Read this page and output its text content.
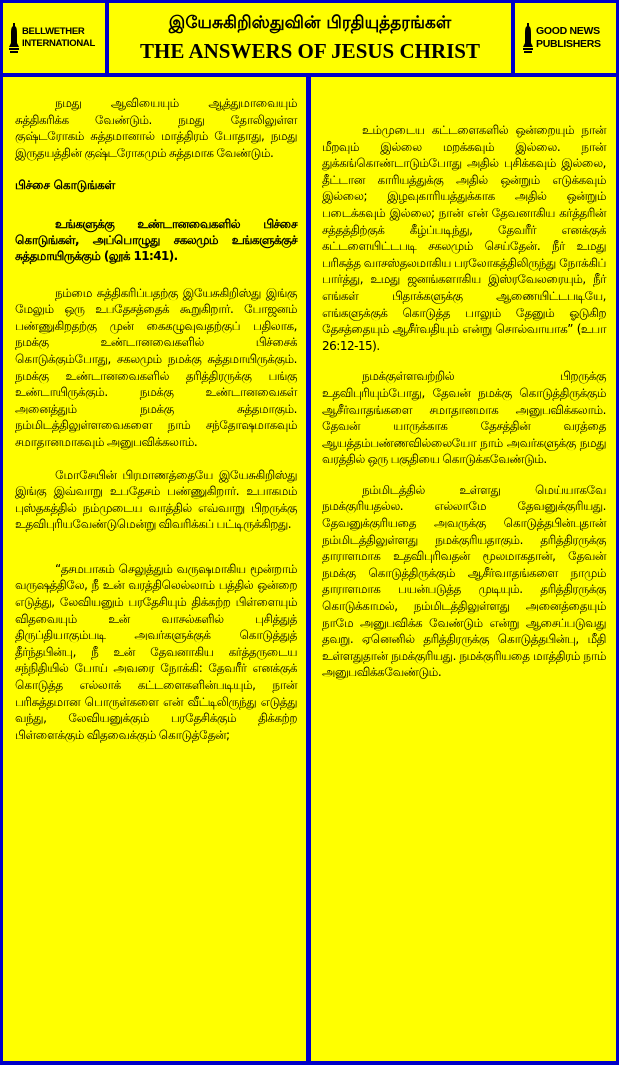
BELLWETHER
INTERNATIONAL
இயேசுகிறிஸ்துவின் பிரதியுத்தரங்கள்
THE ANSWERS OF JESUS CHRIST
GOOD NEWS
PUBLISHERS

நமது ஆவியையும் ஆத்துமாவையும் சுத்திகரிக்க வேண்டும். நமது தோலிலுள்ள குஷ்டரோகம் சுத்தமானால் மாத்திரம் போதாது, நமது இருதயத்தின் குஷ்டரோகமும் சுத்தமாக வேண்டும்.

பிச்சை கொடுங்கள்

உங்களுக்கு உண்டானவைகளில் பிச்சை கொடுங்கள், அப்பொழுது சகலமும் உங்களுக்குச் சுத்தமாயிருக்கும் (லூக் 11:41).

நம்மை சுத்திகரிப்பதற்கு இயேசுகிறிஸ்து இங்கு மேலும் ஒரு உபதேசத்தைக் கூறுகிறார். போஜனம் பண்ணுகிறதற்கு முன் கைகழுவுவதற்குப் பதிலாக, நமக்கு உண்டானவைகளில் பிச்சைக் கொடுக்கும்போது, சகலமும் நமக்கு சுத்தமாயிருக்கும். நமக்கு உண்டானவைகளில் தரித்திரருக்கு பங்கு உண்டாயிருக்கும். நமக்கு உண்டானவைகள் அனைத்தும் நமக்கு சுத்தமாகும். நம்மிடத்திலுள்ளவைகளை நாம் சந்தோஷமாகவும் சமாதானமாகவும் அனுபவிக்கலாம்.

மோசேயின் பிரமாணத்தையே இயேசுகிறிஸ்து இங்கு இவ்வாறு உபதேசம் பண்ணுகிறார். உபாகமம் புஸ்தகத்தில் நம்முடைய வாத்தில் எவ்வாறு பிறருக்கு உதவிபுரியவேண்டுமென்று விவரிக்கப் பட்டிருக்கிறது.

“தசமபாகம் செலுத்தும் வருஷமாகிய மூன்றாம் வருஷத்திலே, நீ உன் வரத்திலெல்லாம் பத்தில் ஒன்றை எடுத்து, லேவியனும் பரதேசியும் திக்கற்ற பிள்ளையும் விதவையும் உன் வாசல்களில் புசித்துத் திருப்தியாகும்படி அவர்களுக்குக் கொடுத்துத் தீர்ந்தபின்பு, நீ உன் தேவனாகிய கர்த்தருடைய சந்நிதியில் போய் அவரை நோக்கி: தேவரீர் எனக்குக் கொடுத்த எல்லாக் கட்டளைகளின்படியும், நான் பரிசுத்தமான பொருள்களை என் வீட்டிலிருந்து எடுத்து வந்து, லேவியனுக்கும் பரதேசிக்கும் திக்கற்ற பிள்ளைக்கும் விதவைக்கும் கொடுத்தேன்;

உம்முடைய கட்டளைகளில் ஒன்றையும் நான் மீறவும் இல்லை மறக்கவும் இல்லை. நான் துக்கங்கொண்டாடும்போது அதில் புசிக்கவும் இல்லை, தீட்டான காரியத்துக்கு அதில் ஒன்றும் எடுக்கவும் இல்லை; இழவுகாரியத்துக்காக அதில் ஒன்றும் படைக்கவும் இல்லை; நான் என் தேவனாகிய கர்த்தரின் சத்தத்திற்குக் கீழ்ப்படிந்து, தேவரீர் எனக்குக் கட்டளையிட்டபடி சகலமும் செய்தேன். நீர் உமது பரிசுத்த வாசஸ்தலமாகிய பரலோகத்திலிருந்து நோக்கிப் பார்த்து, உமது ஜனங்களாகிய இஸ்ரவேலரையும், நீர் எங்கள் பிதாக்களுக்கு ஆணையிட்டபடியே, எங்களுக்குக் கொடுத்த பாலும் தேனும் ஓடுகிற தேசத்தையும் ஆசீர்வதியும் என்று சொல்வாயாக” (உபா 26:12-15).

நமக்குள்ளவற்றில் பிறருக்கு உதவிபுரியும்போது, தேவன் நமக்கு கொடுத்திருக்கும் ஆசீர்வாதங்களை சமாதானமாக அனுபவிக்கலாம். தேவன் யாருக்காக தேசத்தின் வரத்தை ஆயத்தம்பண்ணவில்லையோ நாம் அவர்களுக்கு நமது வரத்தில் ஒரு பகுதியை கொடுக்கவேண்டும்.

நம்மிடத்தில் உள்ளது மெய்யாகவே நமக்குரியதல்ல. எல்லாமே தேவனுக்குரியது. தேவனுக்குரியதை அவருக்கு கொடுத்தபின்புதான் நம்மிடத்திலுள்ளது நமக்குரியதாகும். தரித்திரருக்கு தாராளமாக உதவிபுரிவதன் மூலமாகதான், தேவன் நமக்கு கொடுத்திருக்கும் ஆசீர்வாதங்களை நாமும் தாராளமாக பயன்படுத்த முடியும். தரித்திரருக்கு கொடுக்காமல், நம்மிடத்திலுள்ளது அனைத்தையும் நாமே அனுபவிக்க வேண்டும் என்று ஆசைப்படுவது தவறு. ஏனெனில் தரித்திரருக்கு கொடுத்தபின்பு, மீதி உள்ளதுதான் நமக்குரியது. நமக்குரியதை மாத்திரம் நாம் அனுபவிக்கவேண்டும்.
